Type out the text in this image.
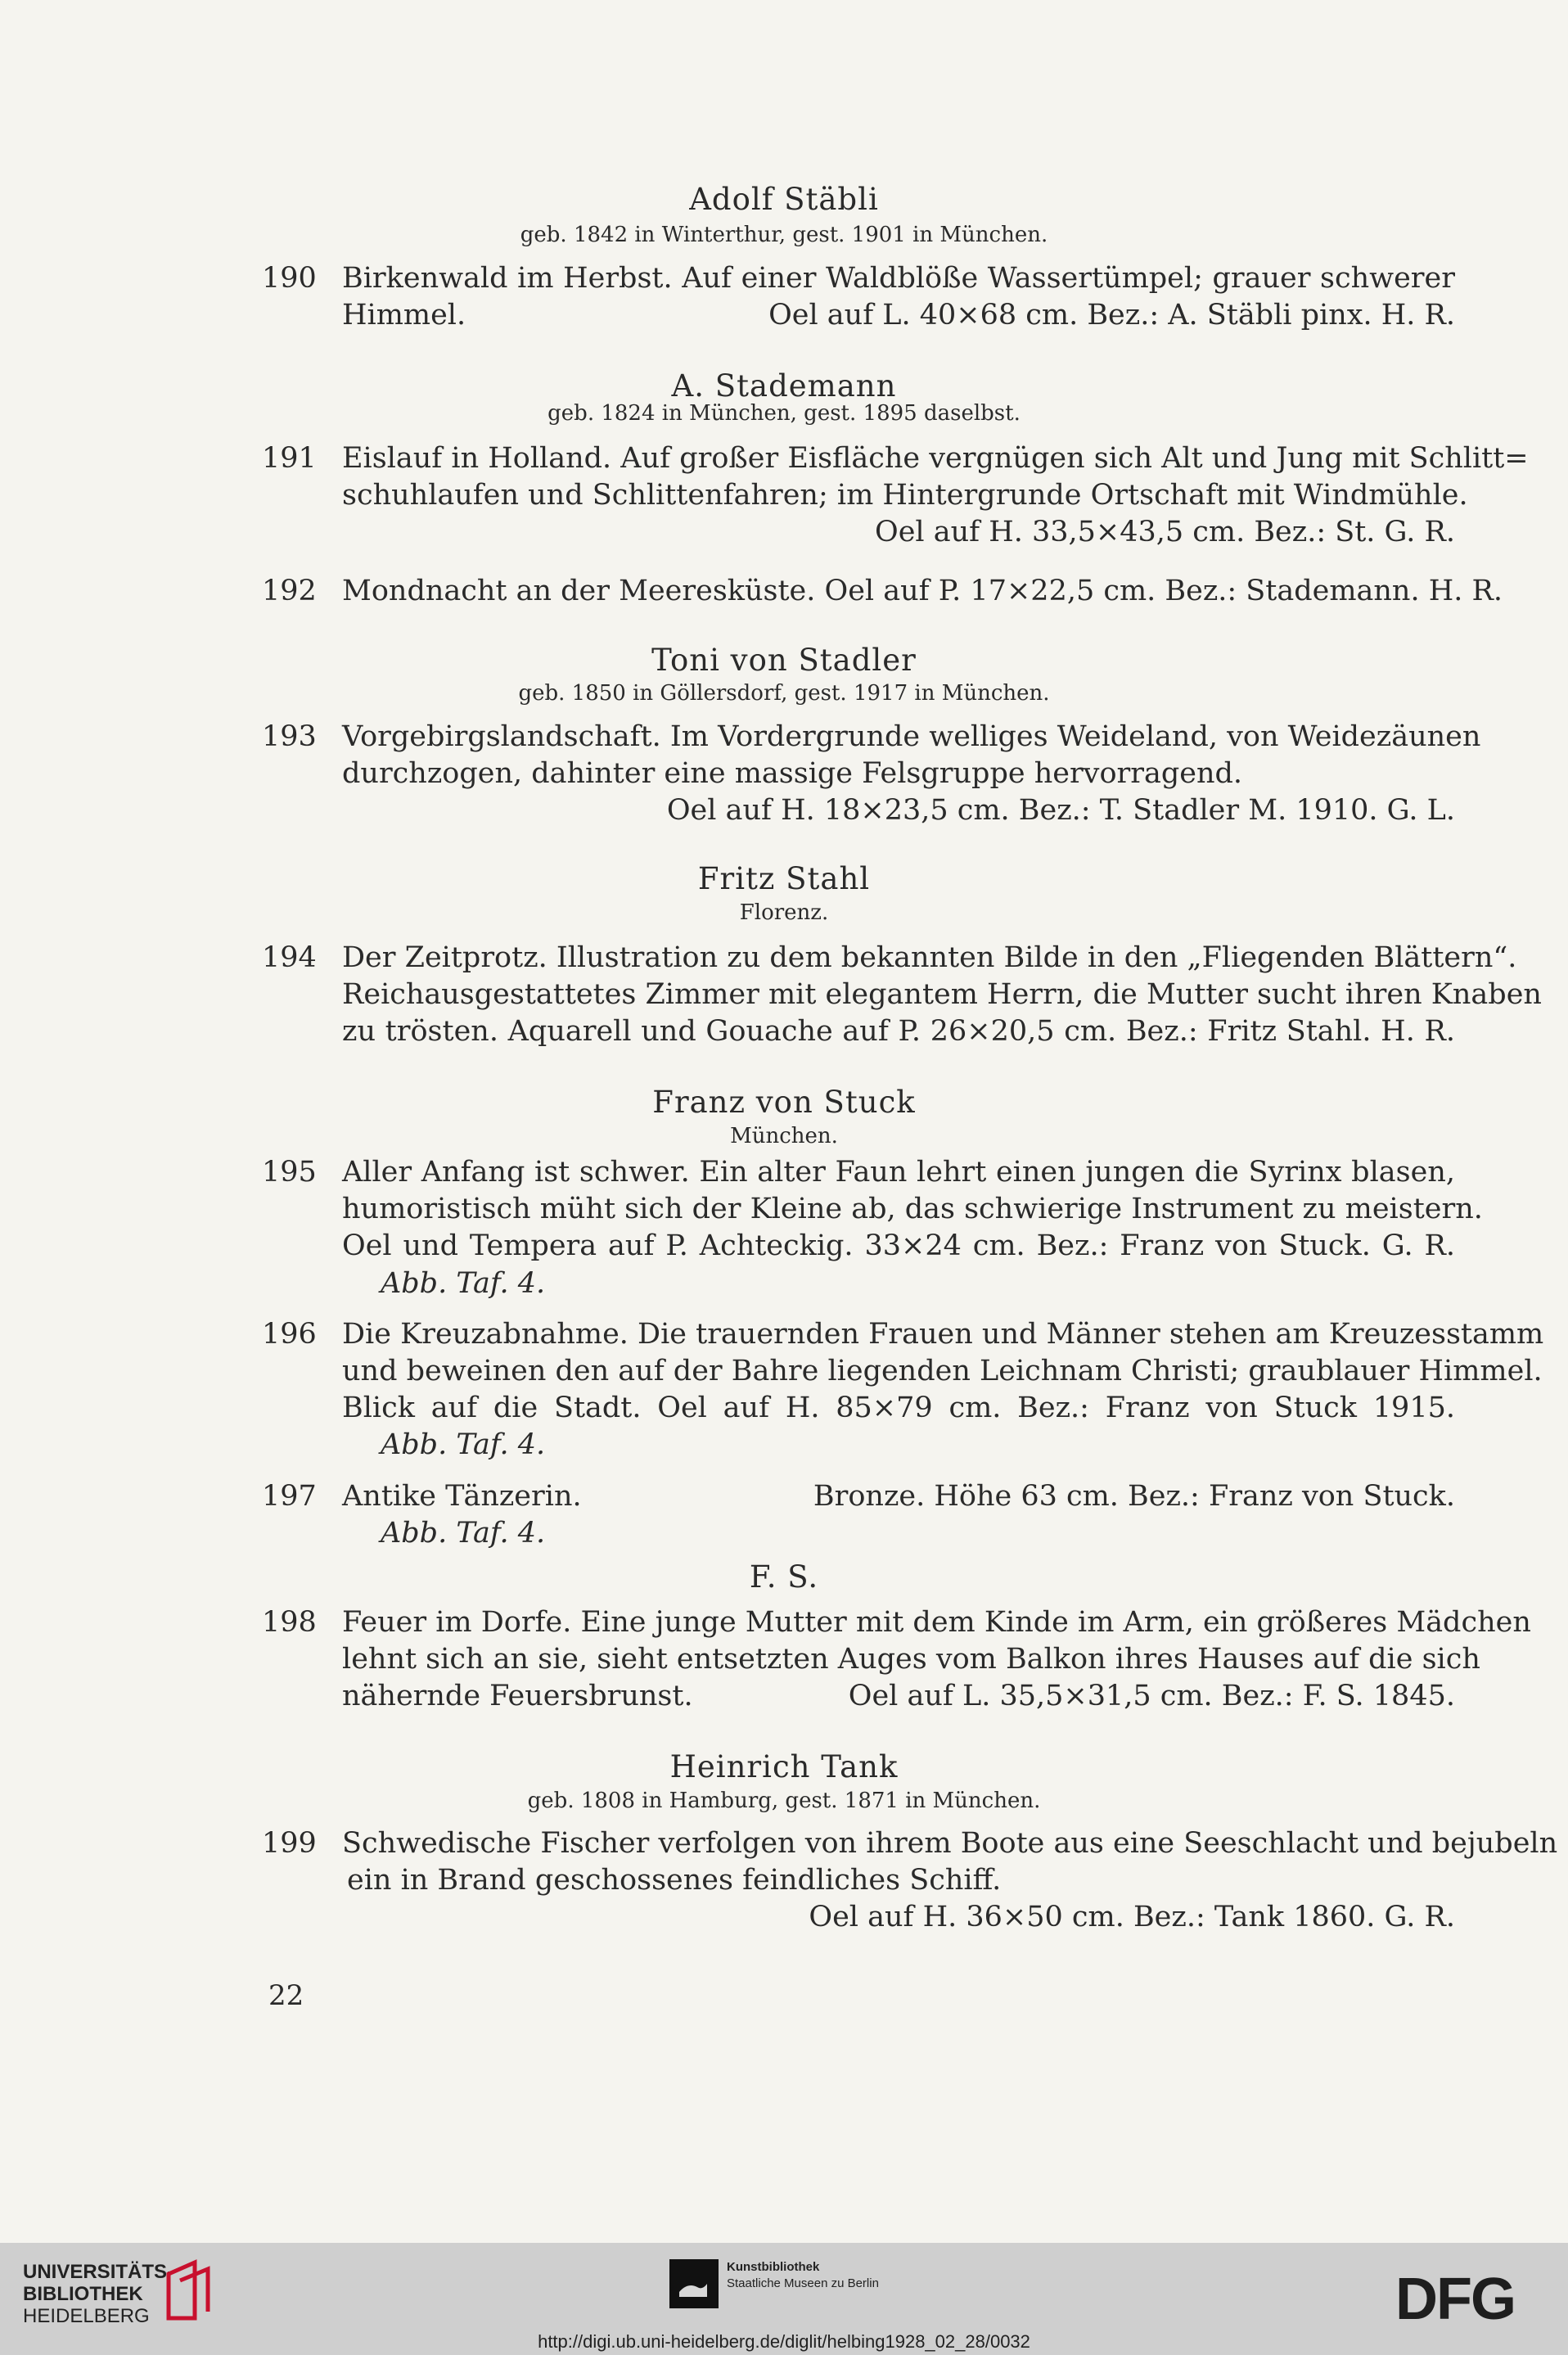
Adolf Stäbli
geb. 1842 in Winterthur, gest. 1901 in München.
190 Birkenwald im Herbst. Auf einer Waldblöße Wassertümpel; grauer schwerer
Himmel.	Oel auf L. 40×68 cm. Bez.: A. Stäbli pinx. H. R.
A. Stademann
geb. 1824 in München, gest. 1895 daselbst.
191 Eislauf in Holland. Auf großer Eisfläche vergnügen sich Alt und Jung mit Schlitt=
schuhlaufen und Schlittenfahren; im Hintergrunde Ortschaft mit Windmühle.
Oel auf H. 33,5×43,5 cm. Bez.: St. G. R.
192 Mondnacht an der Meeresküste. Oel auf P. 17×22,5 cm. Bez.: Stademann. H. R.
Toni von Stadler
geb. 1850 in Göllersdorf, gest. 1917 in München.
193 Vorgebirgslandschaft. Im Vordergrunde welliges Weideland, von Weidezäunen
durchzogen, dahinter eine massige Felsgruppe hervorragend.
Oel auf H. 18×23,5 cm. Bez.: T. Stadler M. 1910. G. L.
Fritz Stahl
Florenz.
194 Der Zeitprotz. Illustration zu dem bekannten Bilde in den „Fliegenden Blättern“.
Reichausgestattetes Zimmer mit elegantem Herrn, die Mutter sucht ihren Knaben
zu trösten. Aquarell und Gouache auf P. 26×20,5 cm. Bez.: Fritz Stahl. H. R.
Franz von Stuck
München.
195 Aller Anfang ist schwer. Ein alter Faun lehrt einen jungen die Syrinx blasen,
humoristisch müht sich der Kleine ab, das schwierige Instrument zu meistern.
Oel und Tempera auf P. Achteckig. 33×24 cm. Bez.: Franz von Stuck. G. R.
Abb. Taf. 4.
196 Die Kreuzabnahme. Die trauernden Frauen und Männer stehen am Kreuzesstamm
und beweinen den auf der Bahre liegenden Leichnam Christi; graublauer Himmel.
Blick auf die Stadt. Oel auf H. 85×79 cm. Bez.: Franz von Stuck 1915.
Abb. Taf. 4.
197 Antike Tänzerin.	Bronze. Höhe 63 cm. Bez.: Franz von Stuck.
Abb. Taf. 4.
F. S.
198 Feuer im Dorfe. Eine junge Mutter mit dem Kinde im Arm, ein größeres Mädchen
lehnt sich an sie, sieht entsetzten Auges vom Balkon ihres Hauses auf die sich
nähernde Feuersbrunst.	Oel auf L. 35,5×31,5 cm. Bez.: F. S. 1845.
Heinrich Tank
geb. 1808 in Hamburg, gest. 1871 in München.
199 Schwedische Fischer verfolgen von ihrem Boote aus eine Seeschlacht und bejubeln
ein in Brand geschossenes feindliches Schiff.
Oel auf H. 36×50 cm. Bez.: Tank 1860. G. R.
22
UNIVERSITÄTS-
BIBLIOTHEK
HEIDELBERG
Kunstbibliothek
Staatliche Museen zu Berlin	DFG
http://digi.ub.uni-heidelberg.de/diglit/helbing1928_02_28/0032
